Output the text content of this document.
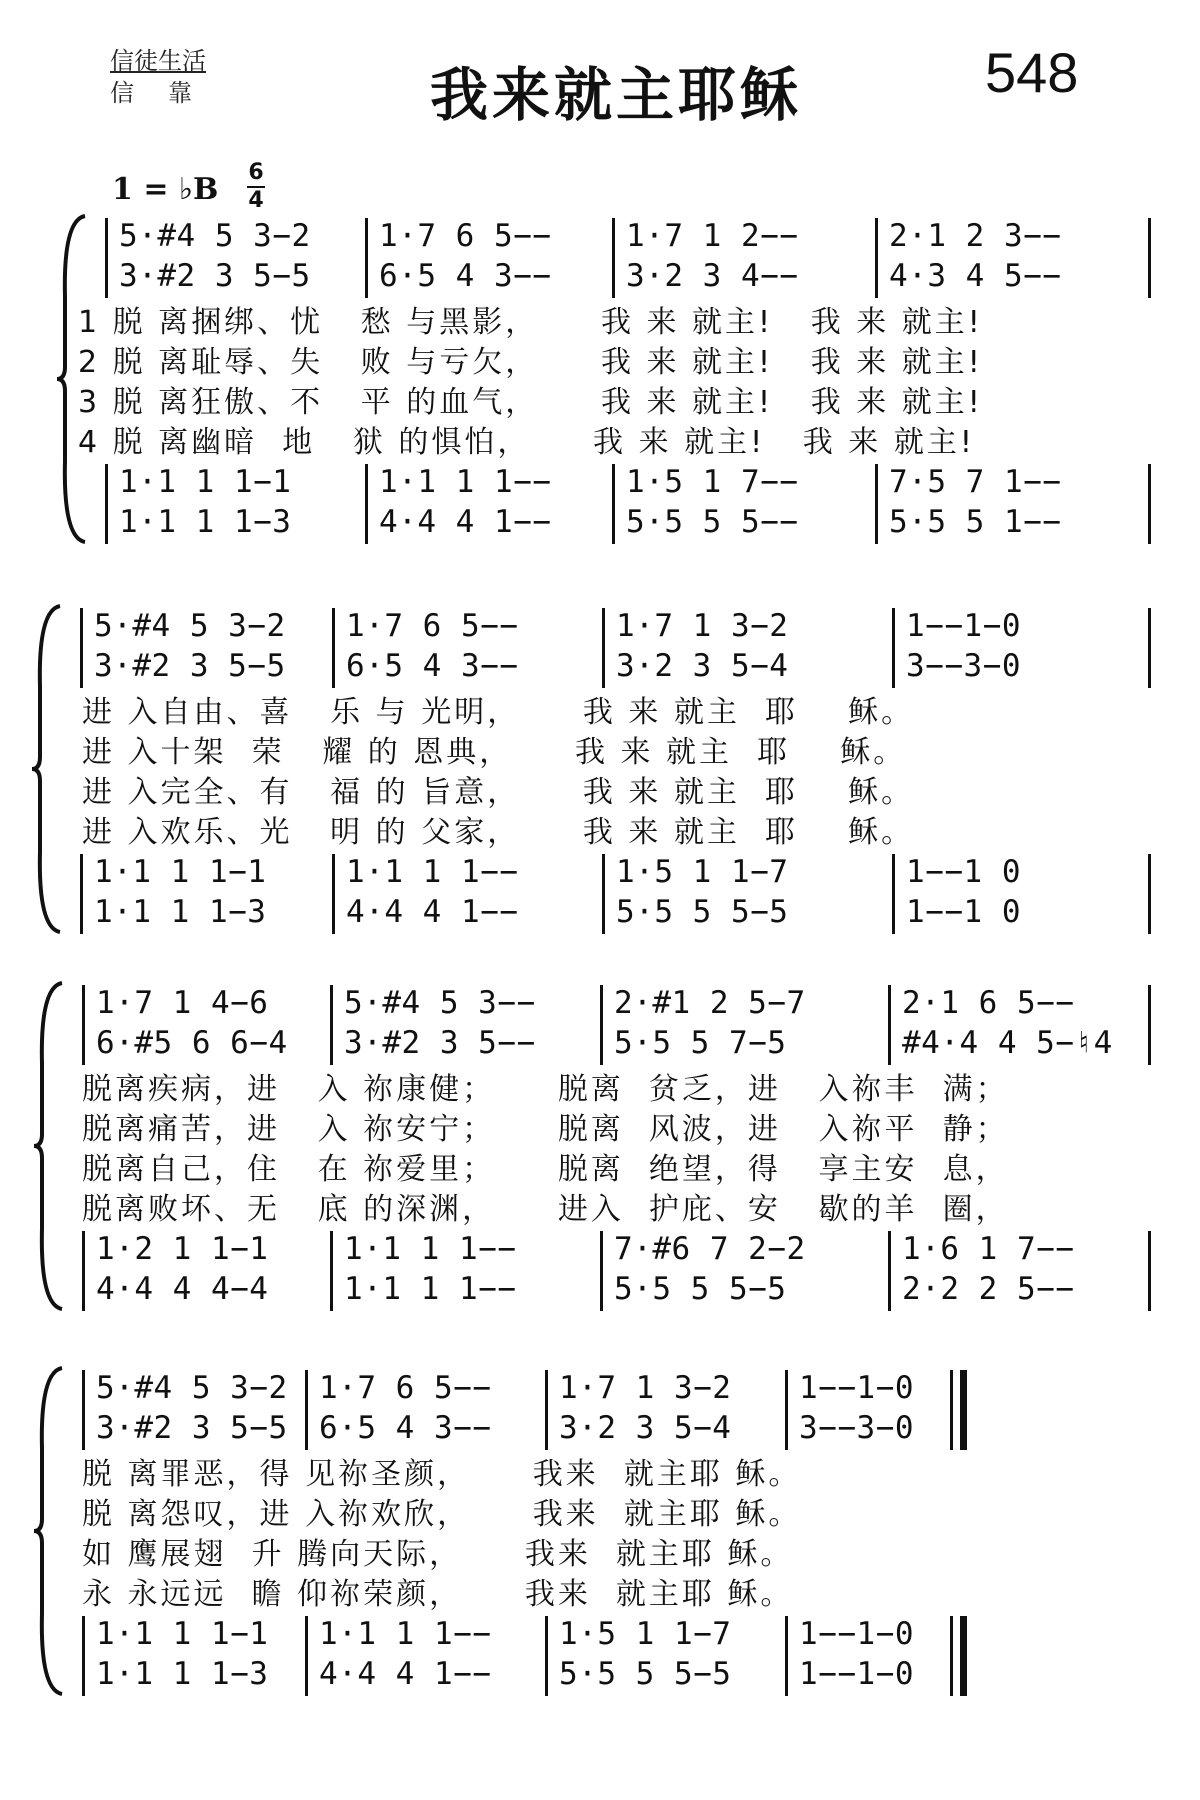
信徒生活
信靠	我来就主耶稣	548
1 = ♭B 6
4
5·#4 5 3−2	1·7 6 5−−	1·7 1 2−−	2·1 2 3−−
3·#2 3 5−5	6·5 4 3−−	3·2 3 4−−	4·3 4 5−−
1 脱 离捆绑、忧   愁 与黑影，     我 来 就主!   我 来 就主!
2 脱 离耻辱、失   败 与亏欠，     我 来 就主!   我 来 就主!
3 脱 离狂傲、不   平 的血气，     我 来 就主!   我 来 就主!
4 脱 离幽暗  地   狱 的惧怕，     我 来 就主!   我 来 就主!
1·1 1 1−1	1·1 1 1−−	1·5 1 7−−	7·5 7 1−−
1·1 1 1−3	4·4 4 1−−	5·5 5 5−−	5·5 5 1−−
5·#4 5 3−2	1·7 6 5−−	1·7 1 3−2	1−−1−0
3·#2 3 5−5	6·5 4 3−−	3·2 3 5−4	3−−3−0
进 入自由、喜   乐 与 光明，     我 来 就主  耶    稣。
进 入十架  荣   耀 的 恩典，     我 来 就主  耶    稣。
进 入完全、有   福 的 旨意，     我 来 就主  耶    稣。
进 入欢乐、光   明 的 父家，     我 来 就主  耶    稣。
1·1 1 1−1	1·1 1 1−−	1·5 1 1−7	1−−1 0
1·1 1 1−3	4·4 4 1−−	5·5 5 5−5	1−−1 0
1·7 1 4−6	5·#4 5 3−−	2·#1 2 5−7	2·1 6 5−−
6·#5 6 6−4	3·#2 3 5−−	5·5 5 7−5	#4·4 4 5−♮4
脱离疾病，进   入 祢康健；     脱离  贫乏，进   入祢丰  满；
脱离痛苦，进   入 祢安宁；     脱离  风波，进   入祢平  静；
脱离自己，住   在 祢爱里；     脱离  绝望，得   享主安  息，
脱离败坏、无   底 的深渊，     进入  护庇、安   歇的羊  圈，
1·2 1 1−1	1·1 1 1−−	7·#6 7 2−2	1·6 1 7−−
4·4 4 4−4	1·1 1 1−−	5·5 5 5−5	2·2 2 5−−
5·#4 5 3−2	1·7 6 5−−	1·7 1 3−2	1−−1−0
3·#2 3 5−5	6·5 4 3−−	3·2 3 5−4	3−−3−0
脱 离罪恶，得 见祢圣颜，     我来  就主耶 稣。
脱 离怨叹，进 入祢欢欣，     我来  就主耶 稣。
如 鹰展翅  升 腾向天际，     我来  就主耶 稣。
永 永远远  瞻 仰祢荣颜，     我来  就主耶 稣。
1·1 1 1−1	1·1 1 1−−	1·5 1 1−7	1−−1−0
1·1 1 1−3	4·4 4 1−−	5·5 5 5−5	1−−1−0
